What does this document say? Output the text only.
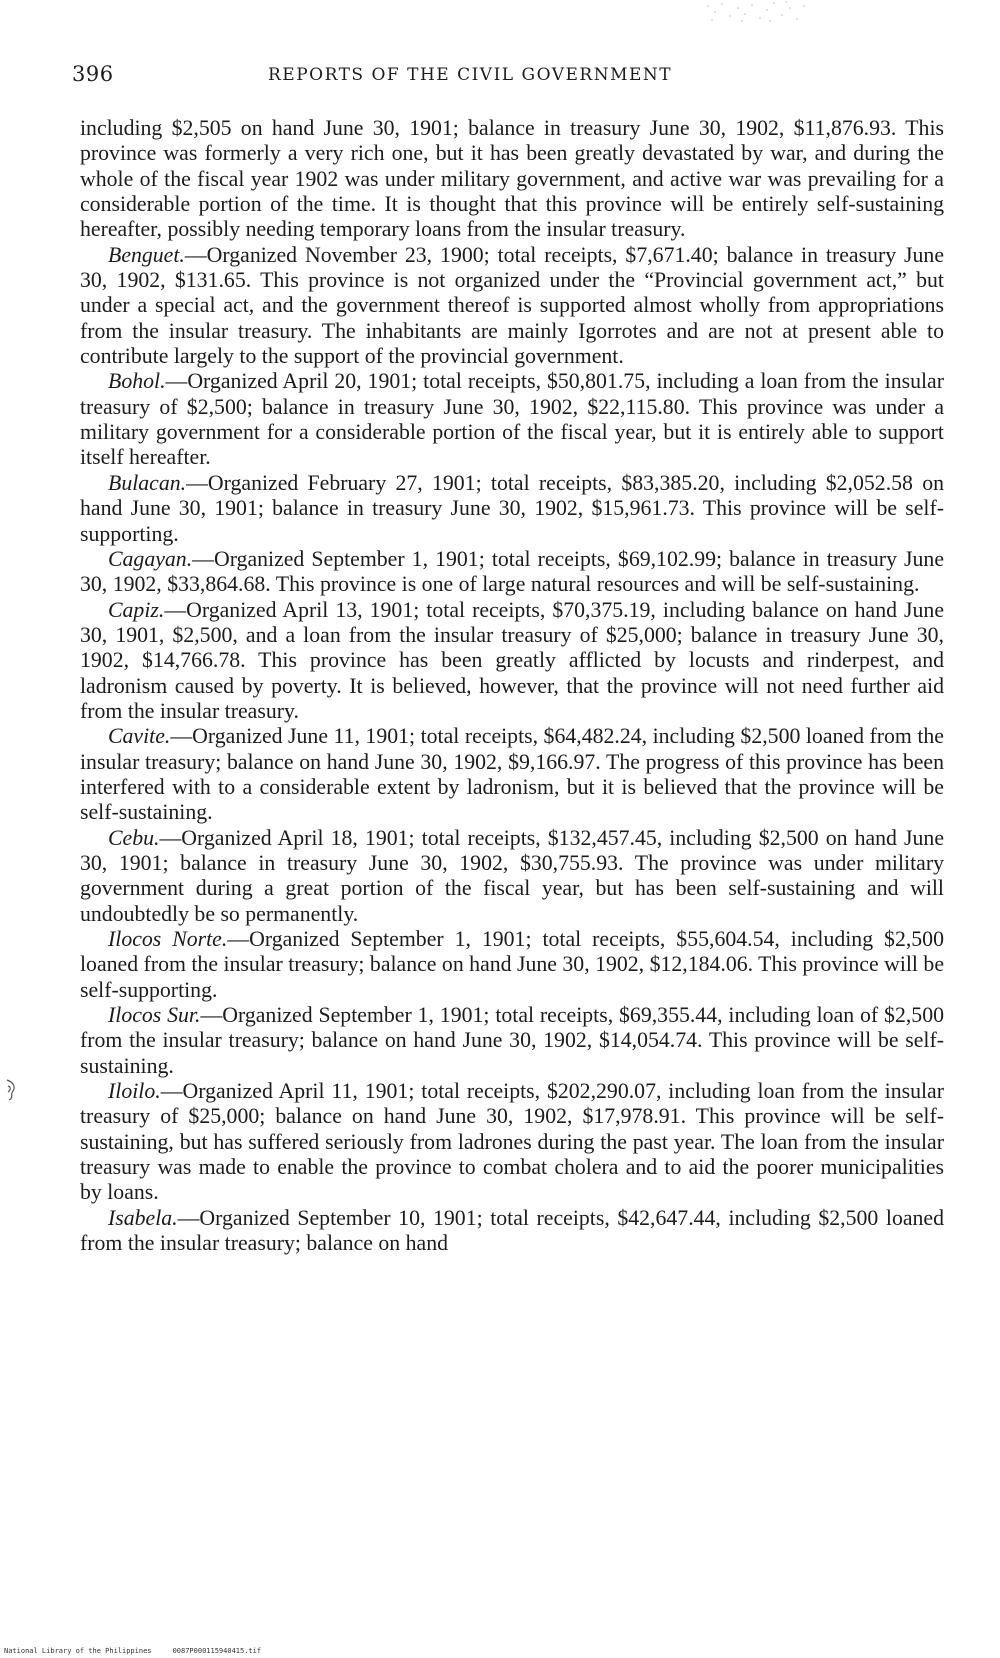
396	REPORTS OF THE CIVIL GOVERNMENT

including $2,505 on hand June 30, 1901; balance in treasury June 30, 1902, $11,876.93. This province was formerly a very rich one, but it has been greatly devastated by war, and during the whole of the fiscal year 1902 was under military government, and active war was prevailing for a considerable portion of the time. It is thought that this province will be entirely self-sustaining hereafter, possibly needing temporary loans from the insular treasury.

Benguet.—Organized November 23, 1900; total receipts, $7,671.40; balance in treasury June 30, 1902, $131.65. This province is not organized under the “Provincial government act,” but under a special act, and the government thereof is supported almost wholly from appropriations from the insular treasury. The inhabitants are mainly Igorrotes and are not at present able to contribute largely to the support of the provincial government.

Bohol.—Organized April 20, 1901; total receipts, $50,801.75, including a loan from the insular treasury of $2,500; balance in treasury June 30, 1902, $22,115.80. This province was under a military government for a considerable portion of the fiscal year, but it is entirely able to support itself hereafter.

Bulacan.—Organized February 27, 1901; total receipts, $83,385.20, including $2,052.58 on hand June 30, 1901; balance in treasury June 30, 1902, $15,961.73. This province will be self-supporting.

Cagayan.—Organized September 1, 1901; total receipts, $69,102.99; balance in treasury June 30, 1902, $33,864.68. This province is one of large natural resources and will be self-sustaining.

Capiz.—Organized April 13, 1901; total receipts, $70,375.19, including balance on hand June 30, 1901, $2,500, and a loan from the insular treasury of $25,000; balance in treasury June 30, 1902, $14,766.78. This province has been greatly afflicted by locusts and rinderpest, and ladronism caused by poverty. It is believed, however, that the province will not need further aid from the insular treasury.

Cavite.—Organized June 11, 1901; total receipts, $64,482.24, including $2,500 loaned from the insular treasury; balance on hand June 30, 1902, $9,166.97. The progress of this province has been interfered with to a considerable extent by ladronism, but it is believed that the province will be self-sustaining.

Cebu.—Organized April 18, 1901; total receipts, $132,457.45, including $2,500 on hand June 30, 1901; balance in treasury June 30, 1902, $30,755.93. The province was under military government during a great portion of the fiscal year, but has been self-sustaining and will undoubtedly be so permanently.

Ilocos Norte.—Organized September 1, 1901; total receipts, $55,604.54, including $2,500 loaned from the insular treasury; balance on hand June 30, 1902, $12,184.06. This province will be self-supporting.

Ilocos Sur.—Organized September 1, 1901; total receipts, $69,355.44, including loan of $2,500 from the insular treasury; balance on hand June 30, 1902, $14,054.74. This province will be self-sustaining.

Iloilo.—Organized April 11, 1901; total receipts, $202,290.07, including loan from the insular treasury of $25,000; balance on hand June 30, 1902, $17,978.91. This province will be self-sustaining, but has suffered seriously from ladrones during the past year. The loan from the insular treasury was made to enable the province to combat cholera and to aid the poorer municipalities by loans.

Isabela.—Organized September 10, 1901; total receipts, $42,647.44, including $2,500 loaned from the insular treasury; balance on hand

National Library of the Philippines     0087P000115940415.tif
